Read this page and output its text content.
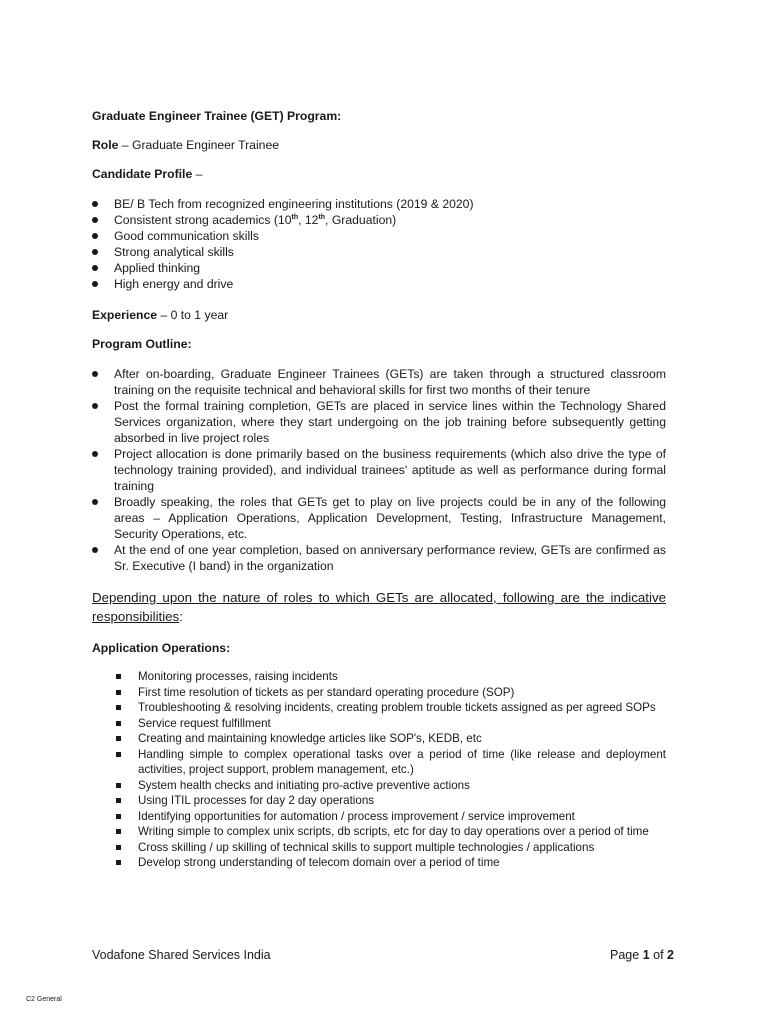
Graduate Engineer Trainee (GET) Program:

Role – Graduate Engineer Trainee

Candidate Profile –

BE/ B Tech from recognized engineering institutions (2019 & 2020)
Consistent strong academics (10th, 12th, Graduation)
Good communication skills
Strong analytical skills
Applied thinking
High energy and drive

Experience – 0 to 1 year

Program Outline:

After on-boarding, Graduate Engineer Trainees (GETs) are taken through a structured classroom training on the requisite technical and behavioral skills for first two months of their tenure
Post the formal training completion, GETs are placed in service lines within the Technology Shared Services organization, where they start undergoing on the job training before subsequently getting absorbed in live project roles
Project allocation is done primarily based on the business requirements (which also drive the type of technology training provided), and individual trainees' aptitude as well as performance during formal training
Broadly speaking, the roles that GETs get to play on live projects could be in any of the following areas – Application Operations, Application Development, Testing, Infrastructure Management, Security Operations, etc.
At the end of one year completion, based on anniversary performance review, GETs are confirmed as Sr. Executive (I band) in the organization

Depending upon the nature of roles to which GETs are allocated, following are the indicative responsibilities:

Application Operations:

Monitoring processes, raising incidents
First time resolution of tickets as per standard operating procedure (SOP)
Troubleshooting & resolving incidents, creating problem trouble tickets assigned as per agreed SOPs
Service request fulfillment
Creating and maintaining knowledge articles like SOP's, KEDB, etc
Handling simple to complex operational tasks over a period of time (like release and deployment activities, project support, problem management, etc.)
System health checks and initiating pro-active preventive actions
Using ITIL processes for day 2 day operations
Identifying opportunities for automation / process improvement / service improvement
Writing simple to complex unix scripts, db scripts, etc for day to day operations over a period of time
Cross skilling / up skilling of technical skills to support multiple technologies / applications
Develop strong understanding of telecom domain over a period of time
Vodafone Shared Services India	Page 1 of 2
C2 General
